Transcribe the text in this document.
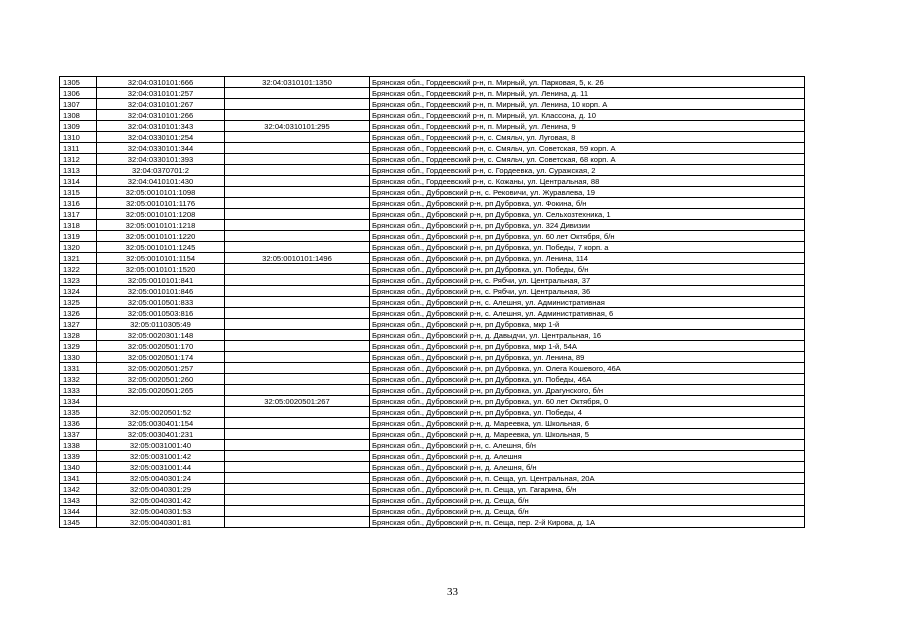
1305	32:04:0310101:666	32:04:0310101:1350	Брянская обл., Гордеевский р-н, п. Мирный, ул. Парковая, 5, к. 26
1306	32:04:0310101:257		Брянская обл., Гордеевский р-н, п. Мирный, ул. Ленина, д. 11
1307	32:04:0310101:267		Брянская обл., Гордеевский р-н, п. Мирный, ул. Ленина, 10 корп. А
1308	32:04:0310101:266		Брянская обл., Гордеевский р-н, п. Мирный, ул. Классона, д. 10
1309	32:04:0310101:343	32:04:0310101:295	Брянская обл., Гордеевский р-н, п. Мирный, ул. Ленина, 9
1310	32:04:0330101:254		Брянская обл., Гордеевский р-н, с. Смяльч, ул. Луговая, 8
1311	32:04:0330101:344		Брянская обл., Гордеевский р-н, с. Смяльч, ул. Советская, 59 корп. А
1312	32:04:0330101:393		Брянская обл., Гордеевский р-н, с. Смяльч, ул. Советская, 68 корп. А
1313	32:04:0370701:2		Брянская обл., Гордеевский р-н, с. Гордеевка, ул. Суражская, 2
1314	32:04:0410101:430		Брянская обл., Гордеевский р-н, с. Кожаны, ул. Центральная, 88
1315	32:05:0010101:1098		Брянская обл., Дубровский р-н, с. Рековичи, ул. Журавлева, 19
1316	32:05:0010101:1176		Брянская обл., Дубровский р-н, рп Дубровка, ул. Фокина, б/н
1317	32:05:0010101:1208		Брянская обл., Дубровский р-н, рп Дубровка, ул. Сельхозтехника, 1
1318	32:05:0010101:1218		Брянская обл., Дубровский р-н, рп Дубровка, ул. 324 Дивизии
1319	32:05:0010101:1220		Брянская обл., Дубровский р-н, рп Дубровка, ул. 60 лет Октября, б/н
1320	32:05:0010101:1245		Брянская обл., Дубровский р-н, рп Дубровка, ул. Победы, 7 корп. а
1321	32:05:0010101:1154	32:05:0010101:1496	Брянская обл., Дубровский р-н, рп Дубровка, ул. Ленина, 114
1322	32:05:0010101:1520		Брянская обл., Дубровский р-н, рп Дубровка, ул. Победы, б/н
1323	32:05:0010101:841		Брянская обл., Дубровский р-н, с. Рябчи, ул. Центральная, 37
1324	32:05:0010101:846		Брянская обл., Дубровский р-н, с. Рябчи, ул. Центральная, 36
1325	32:05:0010501:833		Брянская обл., Дубровский р-н, с. Алешня, ул. Административная
1326	32:05:0010503:816		Брянская обл., Дубровский р-н, с. Алешня, ул. Административная, 6
1327	32:05:0110305:49		Брянская обл., Дубровский р-н, рп Дубровка, мкр 1-й
1328	32:05:0020301:148		Брянская обл., Дубровский р-н, д. Давыдчи, ул. Центральная, 16
1329	32:05:0020501:170		Брянская обл., Дубровский р-н, рп Дубровка, мкр 1-й, 54А
1330	32:05:0020501:174		Брянская обл., Дубровский р-н, рп Дубровка, ул. Ленина, 89
1331	32:05:0020501:257		Брянская обл., Дубровский р-н, рп Дубровка, ул. Олега Кошевого, 46А
1332	32:05:0020501:260		Брянская обл., Дубровский р-н, рп Дубровка, ул. Победы, 46А
1333	32:05:0020501:265		Брянская обл., Дубровский р-н, рп Дубровка, ул. Драгунского, б/н
1334		32:05:0020501:267	Брянская обл., Дубровский р-н, рп Дубровка, ул. 60 лет Октября, 0
1335	32:05:0020501:52		Брянская обл., Дубровский р-н, рп Дубровка, ул. Победы, 4
1336	32:05:0030401:154		Брянская обл., Дубровский р-н, д. Мареевка, ул. Школьная, 6
1337	32:05:0030401:231		Брянская обл., Дубровский р-н, д. Мареевка, ул. Школьная, 5
1338	32:05:0031001:40		Брянская обл., Дубровский р-н, с. Алешня, б/н
1339	32:05:0031001:42		Брянская обл., Дубровский р-н, д. Алешня
1340	32:05:0031001:44		Брянская обл., Дубровский р-н, д. Алешня, б/н
1341	32:05:0040301:24		Брянская обл., Дубровский р-н, п. Сеща, ул. Центральная, 20А
1342	32:05:0040301:29		Брянская обл., Дубровский р-н, п. Сеща, ул. Гагарина, б/н
1343	32:05:0040301:42		Брянская обл., Дубровский р-н, д. Сеща, б/н
1344	32:05:0040301:53		Брянская обл., Дубровский р-н, д. Сеща, б/н
1345	32:05:0040301:81		Брянская обл., Дубровский р-н, п. Сеща, пер. 2-й Кирова, д. 1А
33
